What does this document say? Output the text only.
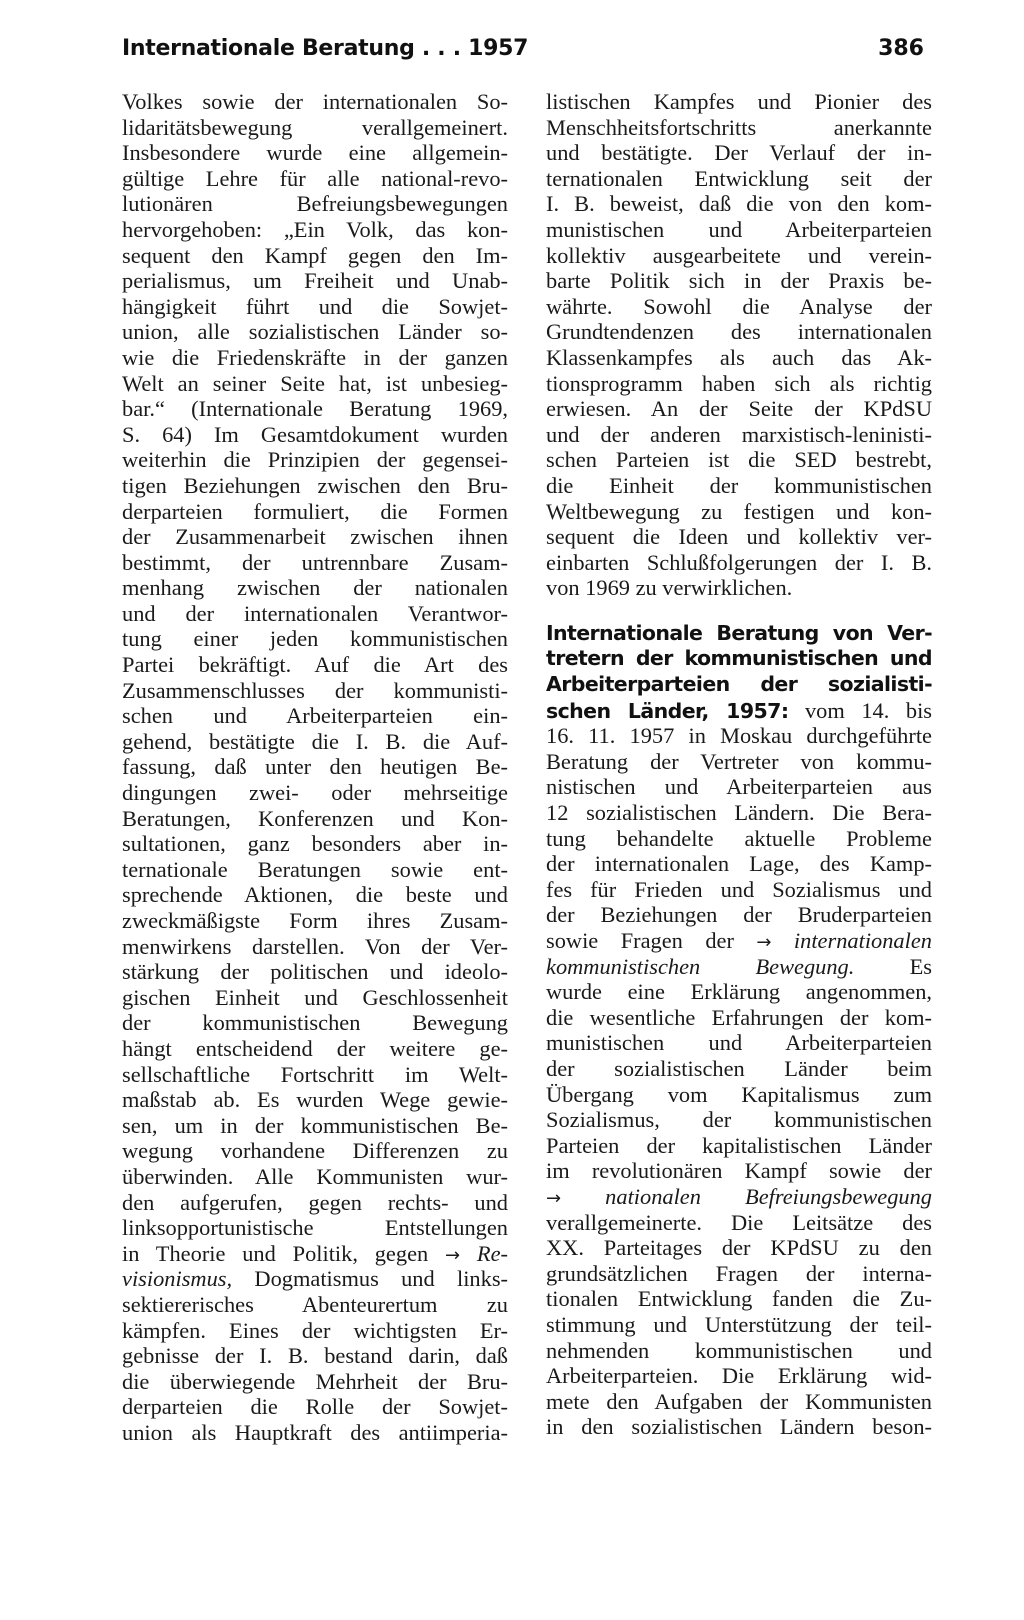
Internationale Beratung . . . 1957	386
Volkes sowie der internationalen So-
lidaritätsbewegung verallgemeinert.
Insbesondere wurde eine allgemein-
gültige Lehre für alle national-revo-
lutionären Befreiungsbewegungen
hervorgehoben: „Ein Volk, das kon-
sequent den Kampf gegen den Im-
perialismus, um Freiheit und Unab-
hängigkeit führt und die Sowjet-
union, alle sozialistischen Länder so-
wie die Friedenskräfte in der ganzen
Welt an seiner Seite hat, ist unbesieg-
bar.“ (Internationale Beratung 1969,
S. 64) Im Gesamtdokument wurden
weiterhin die Prinzipien der gegensei-
tigen Beziehungen zwischen den Bru-
derparteien formuliert, die Formen
der Zusammenarbeit zwischen ihnen
bestimmt, der untrennbare Zusam-
menhang zwischen der nationalen
und der internationalen Verantwor-
tung einer jeden kommunistischen
Partei bekräftigt. Auf die Art des
Zusammenschlusses der kommunisti-
schen und Arbeiterparteien ein-
gehend, bestätigte die I. B. die Auf-
fassung, daß unter den heutigen Be-
dingungen zwei- oder mehrseitige
Beratungen, Konferenzen und Kon-
sultationen, ganz besonders aber in-
ternationale Beratungen sowie ent-
sprechende Aktionen, die beste und
zweckmäßigste Form ihres Zusam-
menwirkens darstellen. Von der Ver-
stärkung der politischen und ideolo-
gischen Einheit und Geschlossenheit
der kommunistischen Bewegung
hängt entscheidend der weitere ge-
sellschaftliche Fortschritt im Welt-
maßstab ab. Es wurden Wege gewie-
sen, um in der kommunistischen Be-
wegung vorhandene Differenzen zu
überwinden. Alle Kommunisten wur-
den aufgerufen, gegen rechts- und
linksopportunistische Entstellungen
in Theorie und Politik, gegen → Re-
visionismus, Dogmatismus und links-
sektiererisches Abenteurertum zu
kämpfen. Eines der wichtigsten Er-
gebnisse der I. B. bestand darin, daß
die überwiegende Mehrheit der Bru-
derparteien die Rolle der Sowjet-
union als Hauptkraft des antiimperia-
listischen Kampfes und Pionier des
Menschheitsfortschritts anerkannte
und bestätigte. Der Verlauf der in-
ternationalen Entwicklung seit der
I. B. beweist, daß die von den kom-
munistischen und Arbeiterparteien
kollektiv ausgearbeitete und verein-
barte Politik sich in der Praxis be-
währte. Sowohl die Analyse der
Grundtendenzen des internationalen
Klassenkampfes als auch das Ak-
tionsprogramm haben sich als richtig
erwiesen. An der Seite der KPdSU
und der anderen marxistisch-leninisti-
schen Parteien ist die SED bestrebt,
die Einheit der kommunistischen
Weltbewegung zu festigen und kon-
sequent die Ideen und kollektiv ver-
einbarten Schlußfolgerungen der I. B.
von 1969 zu verwirklichen.
Internationale Beratung von Ver-
tretern der kommunistischen und
Arbeiterparteien der sozialisti-
schen Länder, 1957: vom 14. bis
16. 11. 1957 in Moskau durchgeführte
Beratung der Vertreter von kommu-
nistischen und Arbeiterparteien aus
12 sozialistischen Ländern. Die Bera-
tung behandelte aktuelle Probleme
der internationalen Lage, des Kamp-
fes für Frieden und Sozialismus und
der Beziehungen der Bruderparteien
sowie Fragen der → internationalen
kommunistischen Bewegung. Es
wurde eine Erklärung angenommen,
die wesentliche Erfahrungen der kom-
munistischen und Arbeiterparteien
der sozialistischen Länder beim
Übergang vom Kapitalismus zum
Sozialismus, der kommunistischen
Parteien der kapitalistischen Länder
im revolutionären Kampf sowie der
→ nationalen Befreiungsbewegung
verallgemeinerte. Die Leitsätze des
XX. Parteitages der KPdSU zu den
grundsätzlichen Fragen der interna-
tionalen Entwicklung fanden die Zu-
stimmung und Unterstützung der teil-
nehmenden kommunistischen und
Arbeiterparteien. Die Erklärung wid-
mete den Aufgaben der Kommunisten
in den sozialistischen Ländern beson-
